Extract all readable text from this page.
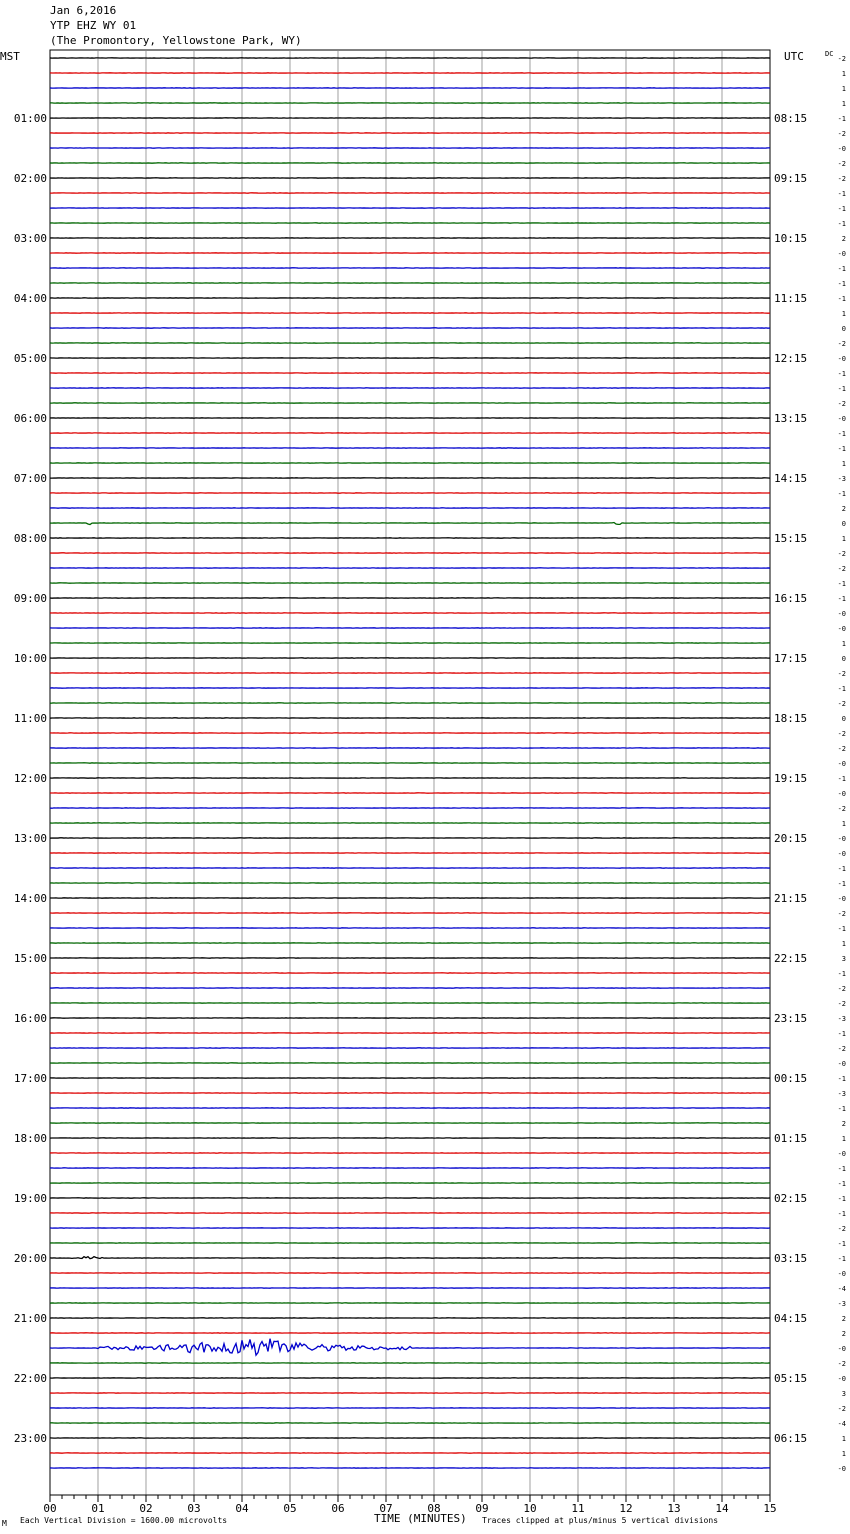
Jan 6,2016
YTP EHZ WY 01
(The Promontory, Yellowstone Park, WY)
MST	UTC
01:00
02:00
03:00
04:00
05:00
06:00
07:00
08:00
09:00
10:00
11:00
12:00
13:00
14:00
15:00
16:00
17:00
18:00
19:00
20:00
21:00
22:00
23:00
08:15
09:15
10:15
11:15
12:15
13:15
14:15
15:15
16:15
17:15
18:15
19:15
20:15
21:15
22:15
23:15
00:15
01:15
02:15
03:15
04:15
05:15
06:15
-2
1
1
1
-1
-2
-0
-2
-2
-1
-1
-1
2
-0
-1
-1
-1
1
0
-2
-0
-1
-1
-2
-0
-1
-1
1
-3
-1
2
0
1
-2
-2
-1
-1
-0
-0
1
0
-2
-1
-2
0
-2
-2
-0
-1
-0
-2
1
-0
-0
-1
-1
-0
-2
-1
1
3
-1
-2
-2
-3
-1
-2
-0
-1
-3
-1
2
1
-0
-1
-1
-1
-1
-2
-1
-1
-0
-4
-3
2
2
-0
-2
-0
3
-2
-4
1
1
-0
DC
00	01	02	03	04	05	06	07	08	09	10	11	12	13	14	15
M Each Vertical Division = 1600.00 microvolts	TIME (MINUTES) Traces clipped at plus/minus 5 vertical divisions
